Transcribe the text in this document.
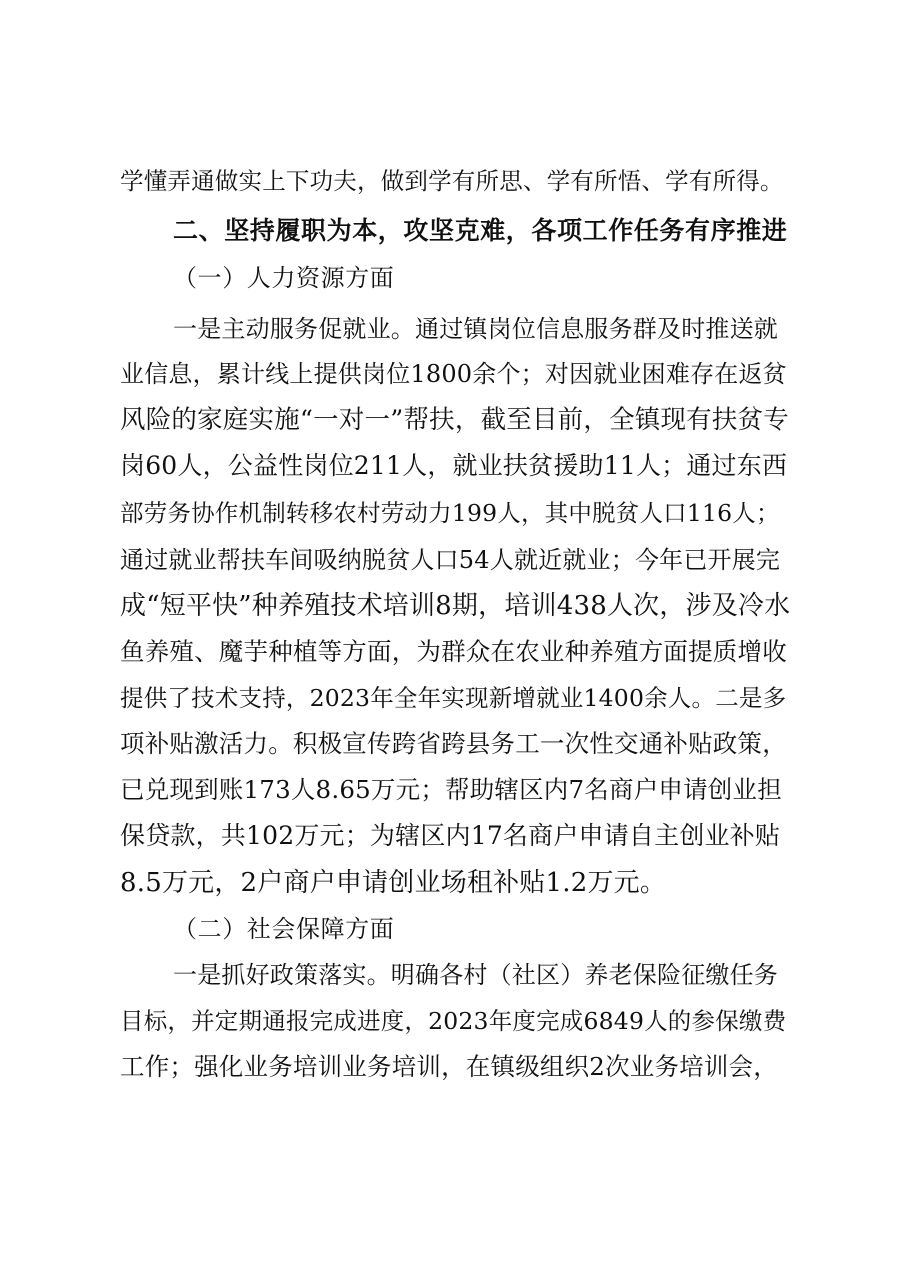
学懂弄通做实上下功夫，做到学有所思、学有所悟、学有所得。
二、坚持履职为本，攻坚克难，各项工作任务有序推进
（一）人力资源方面
一是主动服务促就业。通过镇岗位信息服务群及时推送就
业信息，累计线上提供岗位1800余个；对因就业困难存在返贫
风险的家庭实施“一对一”帮扶，截至目前，全镇现有扶贫专
岗60人，公益性岗位211人，就业扶贫援助11人；通过东西
部劳务协作机制转移农村劳动力199人，其中脱贫人口116人；
通过就业帮扶车间吸纳脱贫人口54人就近就业；今年已开展完
成“短平快”种养殖技术培训8期，培训438人次，涉及冷水
鱼养殖、魔芋种植等方面，为群众在农业种养殖方面提质增收
提供了技术支持，2023年全年实现新增就业1400余人。二是多
项补贴激活力。积极宣传跨省跨县务工一次性交通补贴政策，
已兑现到账173人8.65万元；帮助辖区内7名商户申请创业担
保贷款，共102万元；为辖区内17名商户申请自主创业补贴
8.5万元，2户商户申请创业场租补贴1.2万元。
（二）社会保障方面
一是抓好政策落实。明确各村（社区）养老保险征缴任务
目标，并定期通报完成进度，2023年度完成6849人的参保缴费
工作；强化业务培训业务培训，在镇级组织2次业务培训会，
